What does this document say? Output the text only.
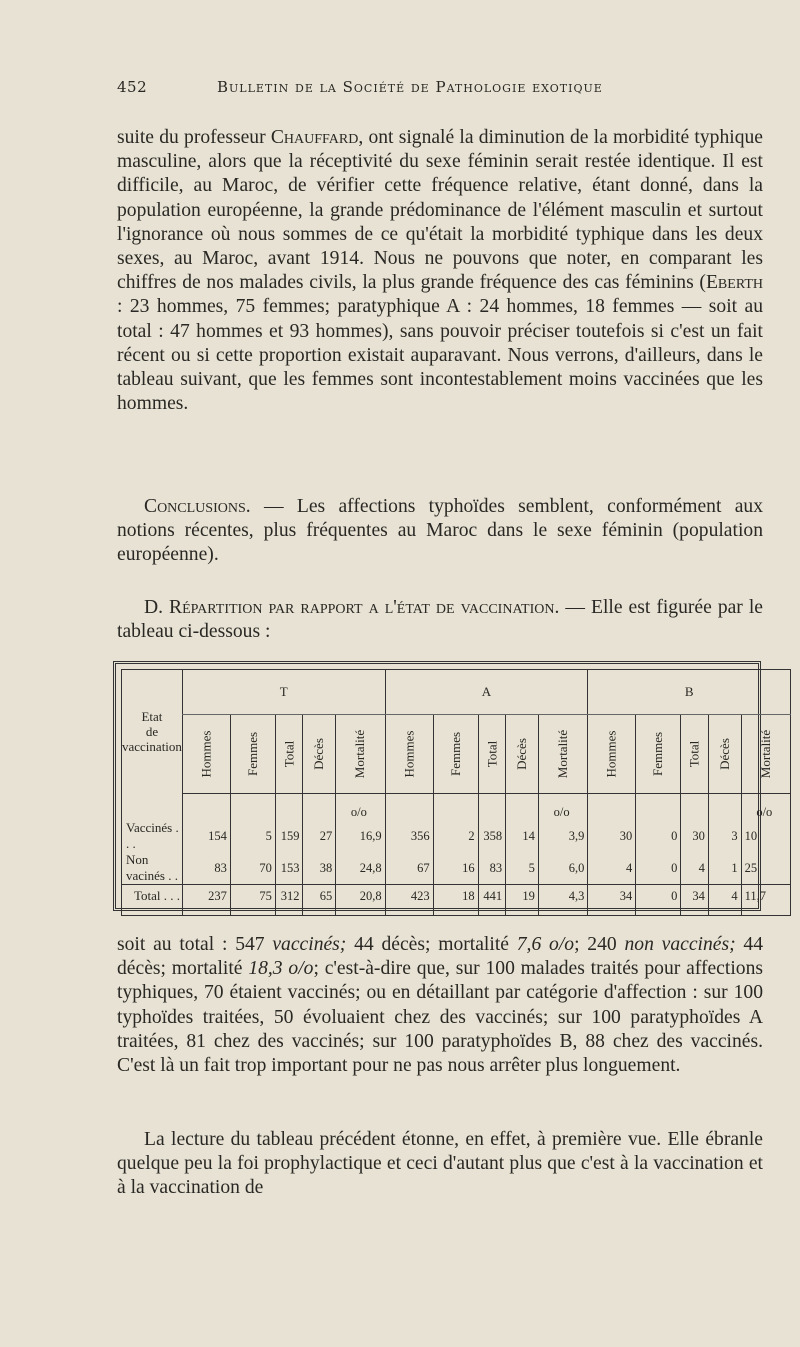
452	Bulletin de la Société de Pathologie exotique

suite du professeur Chauffard, ont signalé la diminution de la morbidité typhique masculine, alors que la réceptivité du sexe féminin serait restée identique. Il est difficile, au Maroc, de vérifier cette fréquence relative, étant donné, dans la population européenne, la grande prédominance de l'élément masculin et surtout l'ignorance où nous sommes de ce qu'était la morbidité typhique dans les deux sexes, au Maroc, avant 1914. Nous ne pouvons que noter, en comparant les chiffres de nos malades civils, la plus grande fréquence des cas féminins (Eberth : 23 hommes, 75 femmes; paratyphique A : 24 hommes, 18 femmes — soit au total : 47 hommes et 93 hommes), sans pouvoir préciser toutefois si c'est un fait récent ou si cette proportion existait auparavant. Nous verrons, d'ailleurs, dans le tableau suivant, que les femmes sont incontestablement moins vaccinées que les hommes.

Conclusions. — Les affections typhoïdes semblent, conformément aux notions récentes, plus fréquentes au Maroc dans le sexe féminin (population européenne).

D. Répartition par rapport a l'état de vaccination. — Elle est figurée par le tableau ci-dessous :

Etat
de vaccination	T					A					B				
	Hommes	Femmes	Total	Décès	Mortalité	Hommes	Femmes	Total	Décès	Mortalité	Hommes	Femmes	Total	Décès	Mortalité

					o/o					o/o					o/o
Vaccinés . . .	154	5	159	27	16,9	356	2	358	14	3,9	30	0	30	3	10
Non vacinés . .	83	70	153	38	24,8	67	16	83	5	6,0	4	0	4	1	25
Total . . .	237	75	312	65	20,8	423	18	441	19	4,3	34	0	34	4	11,7

soit au total : 547 vaccinés; 44 décès; mortalité 7,6 o/o; 240 non vaccinés; 44 décès; mortalité 18,3 o/o; c'est-à-dire que, sur 100 malades traités pour affections typhiques, 70 étaient vaccinés; ou en détaillant par catégorie d'affection : sur 100 typhoïdes traitées, 50 évoluaient chez des vaccinés; sur 100 paratyphoïdes A traitées, 81 chez des vaccinés; sur 100 paratyphoïdes B, 88 chez des vaccinés. C'est là un fait trop important pour ne pas nous arrêter plus longuement.

La lecture du tableau précédent étonne, en effet, à première vue. Elle ébranle quelque peu la foi prophylactique et ceci d'autant plus que c'est à la vaccination et à la vaccination de
